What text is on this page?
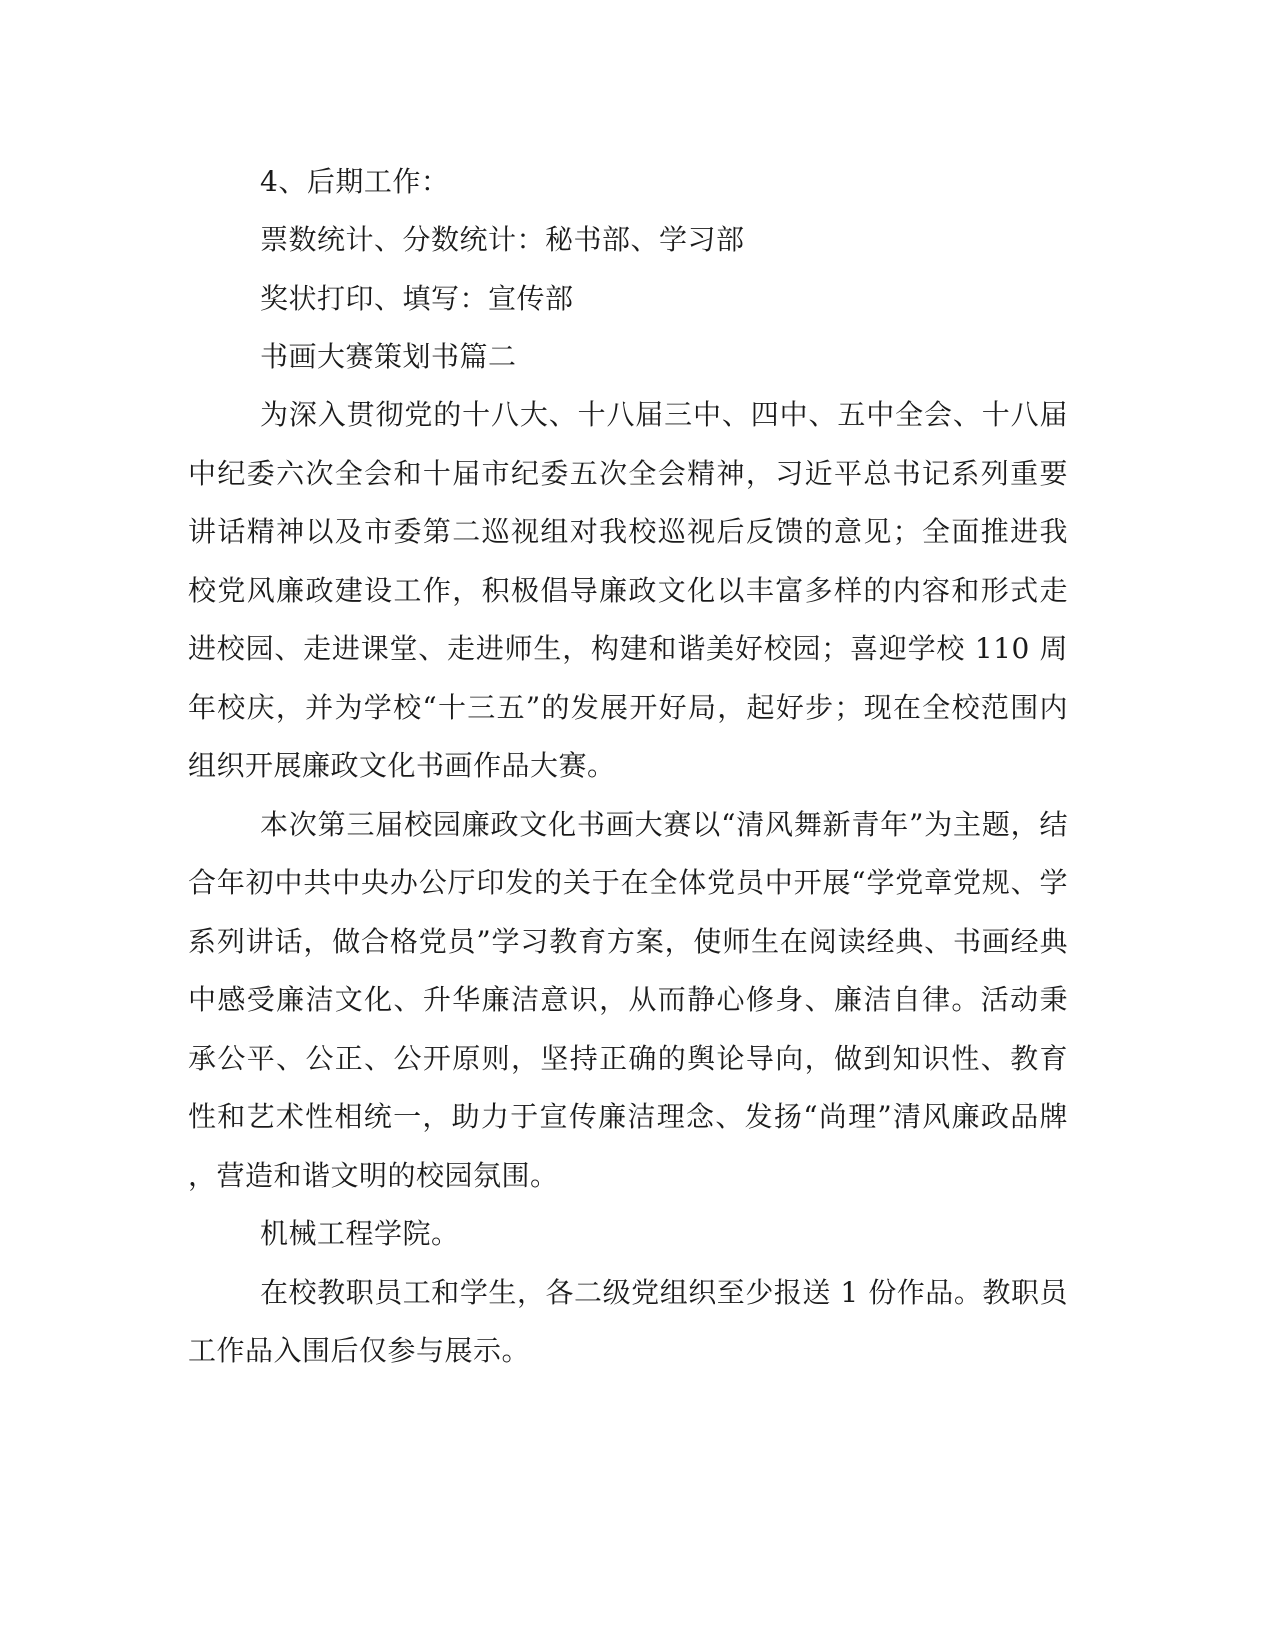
4、后期工作：
票数统计、分数统计：秘书部、学习部
奖状打印、填写：宣传部
书画大赛策划书篇二
为深入贯彻党的十八大、十八届三中、四中、五中全会、十八届
中纪委六次全会和十届市纪委五次全会精神，习近平总书记系列重要
讲话精神以及市委第二巡视组对我校巡视后反馈的意见；全面推进我
校党风廉政建设工作，积极倡导廉政文化以丰富多样的内容和形式走
进校园、走进课堂、走进师生，构建和谐美好校园；喜迎学校 110 周
年校庆，并为学校“十三五”的发展开好局，起好步；现在全校范围内
组织开展廉政文化书画作品大赛。
本次第三届校园廉政文化书画大赛以“清风舞新青年”为主题，结
合年初中共中央办公厅印发的关于在全体党员中开展“学党章党规、学
系列讲话，做合格党员”学习教育方案，使师生在阅读经典、书画经典
中感受廉洁文化、升华廉洁意识，从而静心修身、廉洁自律。活动秉
承公平、公正、公开原则，坚持正确的舆论导向，做到知识性、教育
性和艺术性相统一，助力于宣传廉洁理念、发扬“尚理”清风廉政品牌
，营造和谐文明的校园氛围。
机械工程学院。
在校教职员工和学生，各二级党组织至少报送 1 份作品。教职员
工作品入围后仅参与展示。
